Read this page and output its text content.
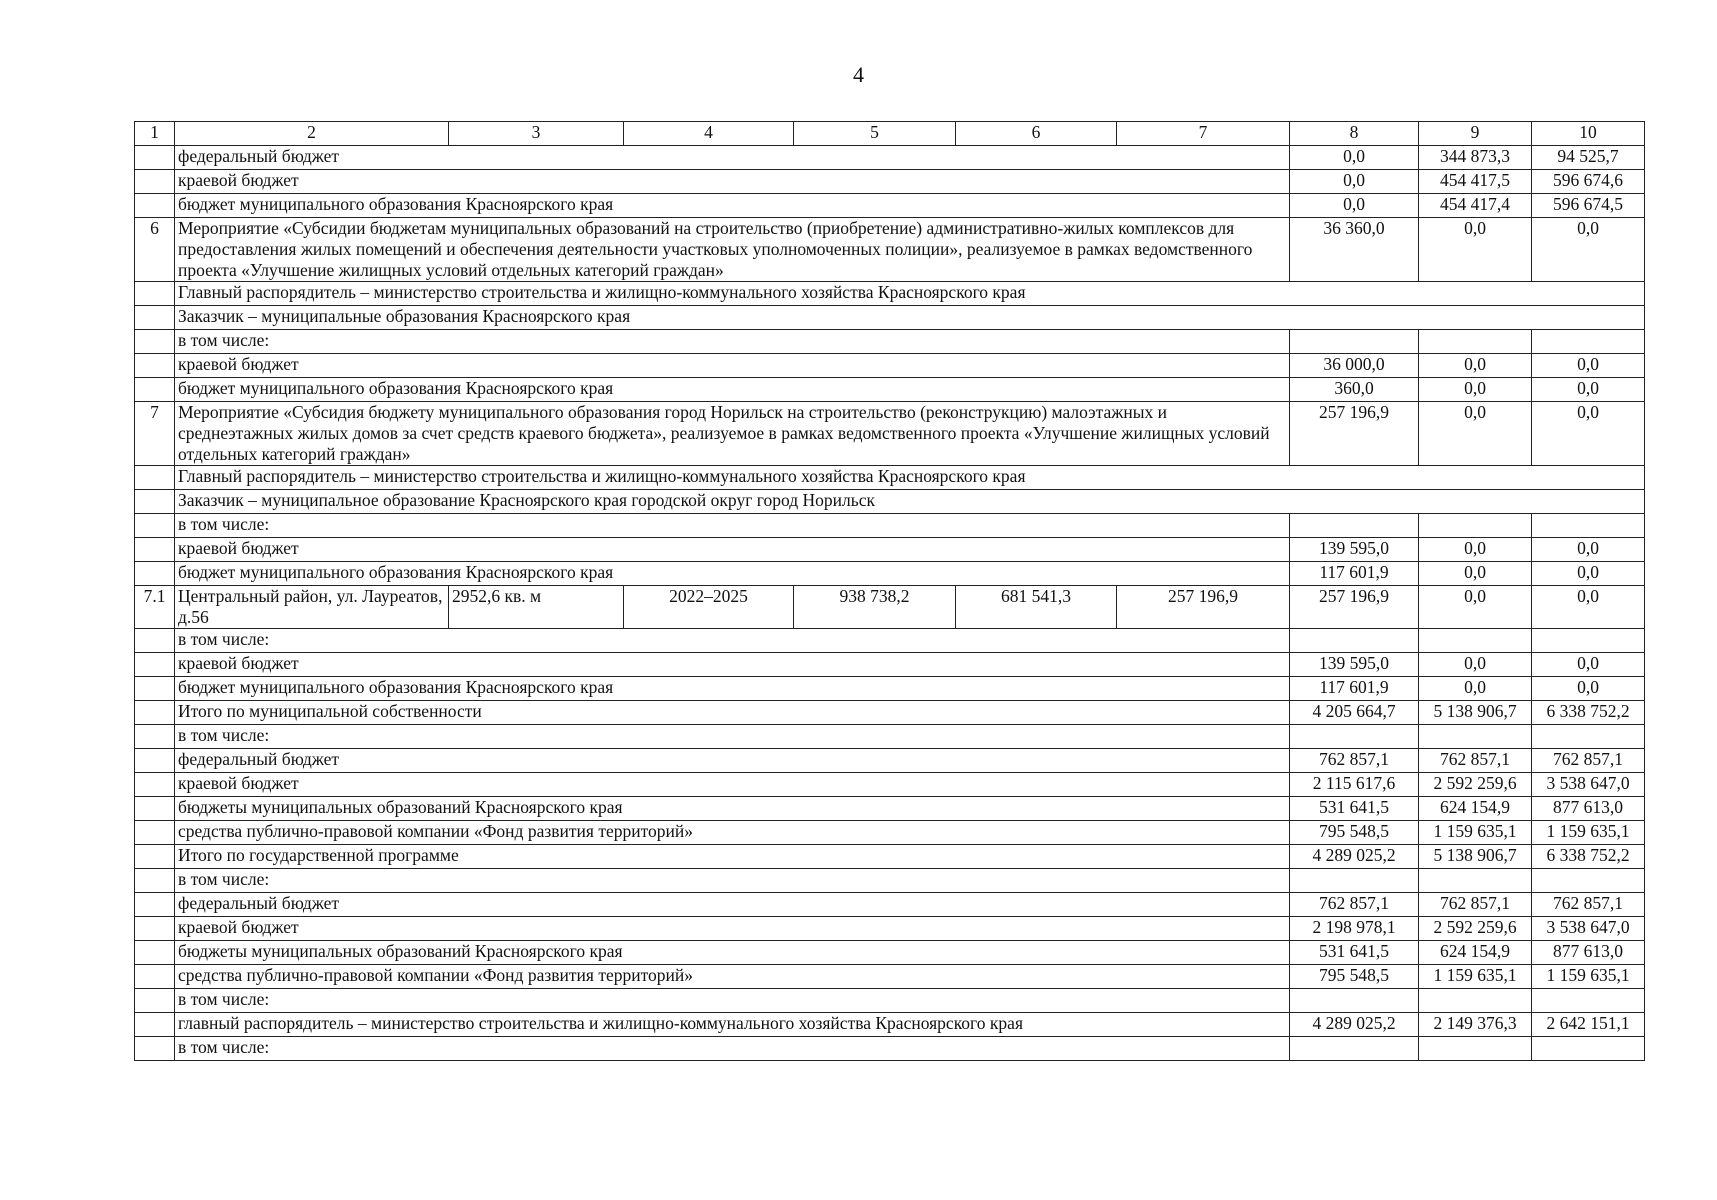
4
1	2	3	4	5	6	7	8	9	10
	федеральный бюджет						0,0	344 873,3	94 525,7
	краевой бюджет						0,0	454 417,5	596 674,6
	бюджет муниципального образования Красноярского края						0,0	454 417,4	596 674,5
6	Мероприятие «Субсидии бюджетам муниципальных образований на строительство (приобретение) административно-жилых комплексов для предоставления жилых помещений и обеспечения деятельности участковых уполномоченных полиции», реализуемое в рамках ведомственного проекта «Улучшение жилищных условий отдельных категорий граждан»						36 360,0	0,0	0,0
	Главный распорядитель – министерство строительства и жилищно-коммунального хозяйства Красноярского края								
	Заказчик – муниципальные образования Красноярского края								
	в том числе:								
	краевой бюджет						36 000,0	0,0	0,0
	бюджет муниципального образования Красноярского края						360,0	0,0	0,0
7	Мероприятие «Субсидия бюджету муниципального образования город Норильск на строительство (реконструкцию) малоэтажных и среднеэтажных жилых домов за счет средств краевого бюджета», реализуемое в рамках ведомственного проекта «Улучшение жилищных условий отдельных категорий граждан»						257 196,9	0,0	0,0
	Главный распорядитель – министерство строительства и жилищно-коммунального хозяйства Красноярского края								
	Заказчик – муниципальное образование Красноярского края городской округ город Норильск								
	в том числе:								
	краевой бюджет						139 595,0	0,0	0,0
	бюджет муниципального образования Красноярского края						117 601,9	0,0	0,0
7.1	Центральный район, ул. Лауреатов, д.56	2952,6 кв. м	2022–2025	938 738,2	681 541,3	257 196,9	257 196,9	0,0	0,0
	в том числе:								
	краевой бюджет						139 595,0	0,0	0,0
	бюджет муниципального образования Красноярского края						117 601,9	0,0	0,0
	Итого по муниципальной собственности						4 205 664,7	5 138 906,7	6 338 752,2
	в том числе:								
	федеральный бюджет						762 857,1	762 857,1	762 857,1
	краевой бюджет						2 115 617,6	2 592 259,6	3 538 647,0
	бюджеты муниципальных образований Красноярского края						531 641,5	624 154,9	877 613,0
	средства публично-правовой компании «Фонд развития территорий»						795 548,5	1 159 635,1	1 159 635,1
	Итого по государственной программе						4 289 025,2	5 138 906,7	6 338 752,2
	в том числе:								
	федеральный бюджет						762 857,1	762 857,1	762 857,1
	краевой бюджет						2 198 978,1	2 592 259,6	3 538 647,0
	бюджеты муниципальных образований Красноярского края						531 641,5	624 154,9	877 613,0
	средства публично-правовой компании «Фонд развития территорий»						795 548,5	1 159 635,1	1 159 635,1
	в том числе:								
	главный распорядитель – министерство строительства и жилищно-коммунального хозяйства Красноярского края						4 289 025,2	2 149 376,3	2 642 151,1
	в том числе:								
